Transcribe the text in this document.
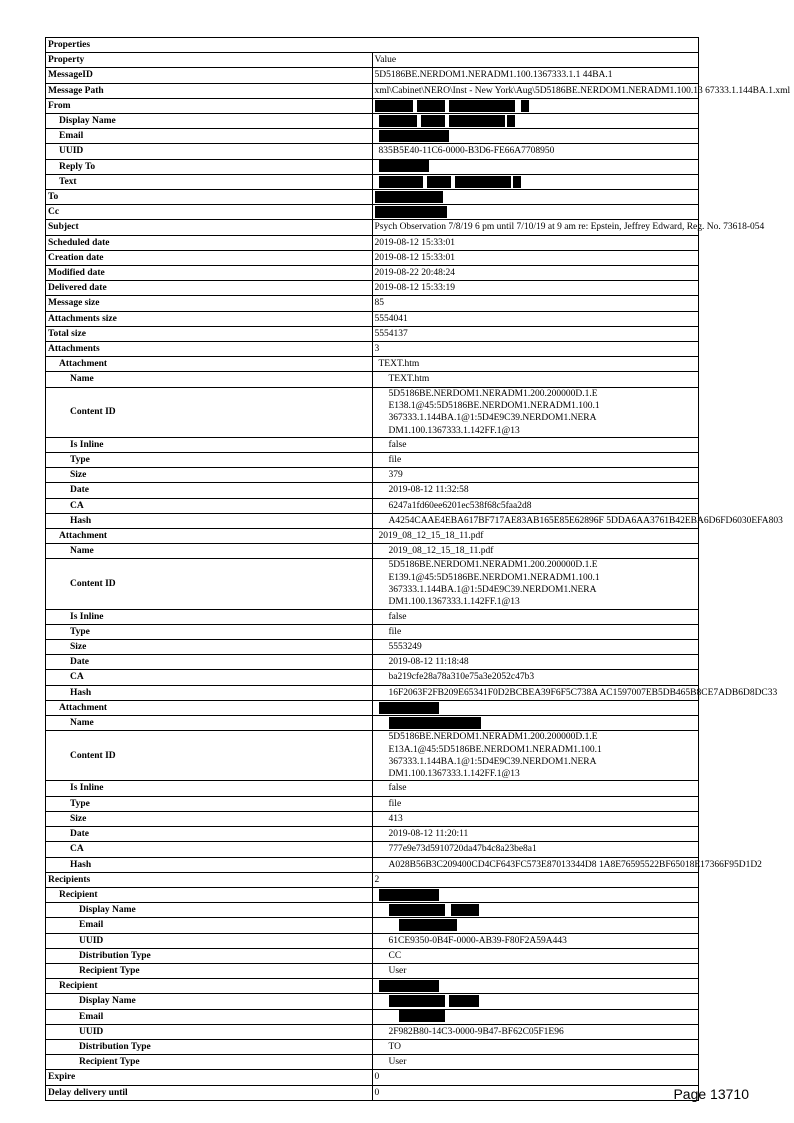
Properties	
Property	Value
MessageID	5D5186BE.NERDOM1.NERADM1.100.1367333.1.1 44BA.1
Message Path	xml\Cabinet\NERO\Inst - New York\Aug\5D5186BE.NERDOM1.NERADM1.100.13 67333.1.144BA.1.xml
From	
Display Name	
Email	
UUID	835B5E40-11C6-0000-B3D6-FE66A7708950
Reply To	
Text	
To	
Cc	
Subject	Psych Observation 7/8/19 6 pm until 7/10/19 at 9 am re: Epstein, Jeffrey Edward, Reg. No. 73618-054
Scheduled date	2019-08-12 15:33:01
Creation date	2019-08-12 15:33:01
Modified date	2019-08-22 20:48:24
Delivered date	2019-08-12 15:33:19
Message size	85
Attachments size	5554041
Total size	5554137
Attachments	3
Attachment	TEXT.htm
Name	TEXT.htm
Content ID	5D5186BE.NERDOM1.NERADM1.200.200000D.1.E E138.1@45:5D5186BE.NERDOM1.NERADM1.100.1 367333.1.144BA.1@1:5D4E9C39.NERDOM1.NERA DM1.100.1367333.1.142FF.1@13
Is Inline	false
Type	file
Size	379
Date	2019-08-12 11:32:58
CA	6247a1fd60ee6201ec538f68c5faa2d8
Hash	A4254CAAE4EBA617BF717AE83AB165E85E62896F 5DDA6AA3761B42EBA6D6FD6030EFA803
Attachment	2019_08_12_15_18_11.pdf
Name	2019_08_12_15_18_11.pdf
Content ID	5D5186BE.NERDOM1.NERADM1.200.200000D.1.E E139.1@45:5D5186BE.NERDOM1.NERADM1.100.1 367333.1.144BA.1@1:5D4E9C39.NERDOM1.NERA DM1.100.1367333.1.142FF.1@13
Is Inline	false
Type	file
Size	5553249
Date	2019-08-12 11:18:48
CA	ba219cfe28a78a310e75a3e2052c47b3
Hash	16F2063F2FB209E65341F0D2BCBEA39F6F5C738A AC1597007EB5DB465B8CE7ADB6D8DC33
Attachment	
Name	
Content ID	5D5186BE.NERDOM1.NERADM1.200.200000D.1.E E13A.1@45:5D5186BE.NERDOM1.NERADM1.100.1 367333.1.144BA.1@1:5D4E9C39.NERDOM1.NERA DM1.100.1367333.1.142FF.1@13
Is Inline	false
Type	file
Size	413
Date	2019-08-12 11:20:11
CA	777e9e73d5910720da47b4c8a23be8a1
Hash	A028B56B3C209400CD4CF643FC573E87013344D8 1A8E76595522BF65018E17366F95D1D2
Recipients	2
Recipient	
Display Name	
Email	
UUID	61CE9350-0B4F-0000-AB39-F80F2A59A443
Distribution Type	CC
Recipient Type	User
Recipient	
Display Name	
Email	
UUID	2F982B80-14C3-0000-9B47-BF62C05F1E96
Distribution Type	TO
Recipient Type	User
Expire	0
Delay delivery until	0	Page 13710
